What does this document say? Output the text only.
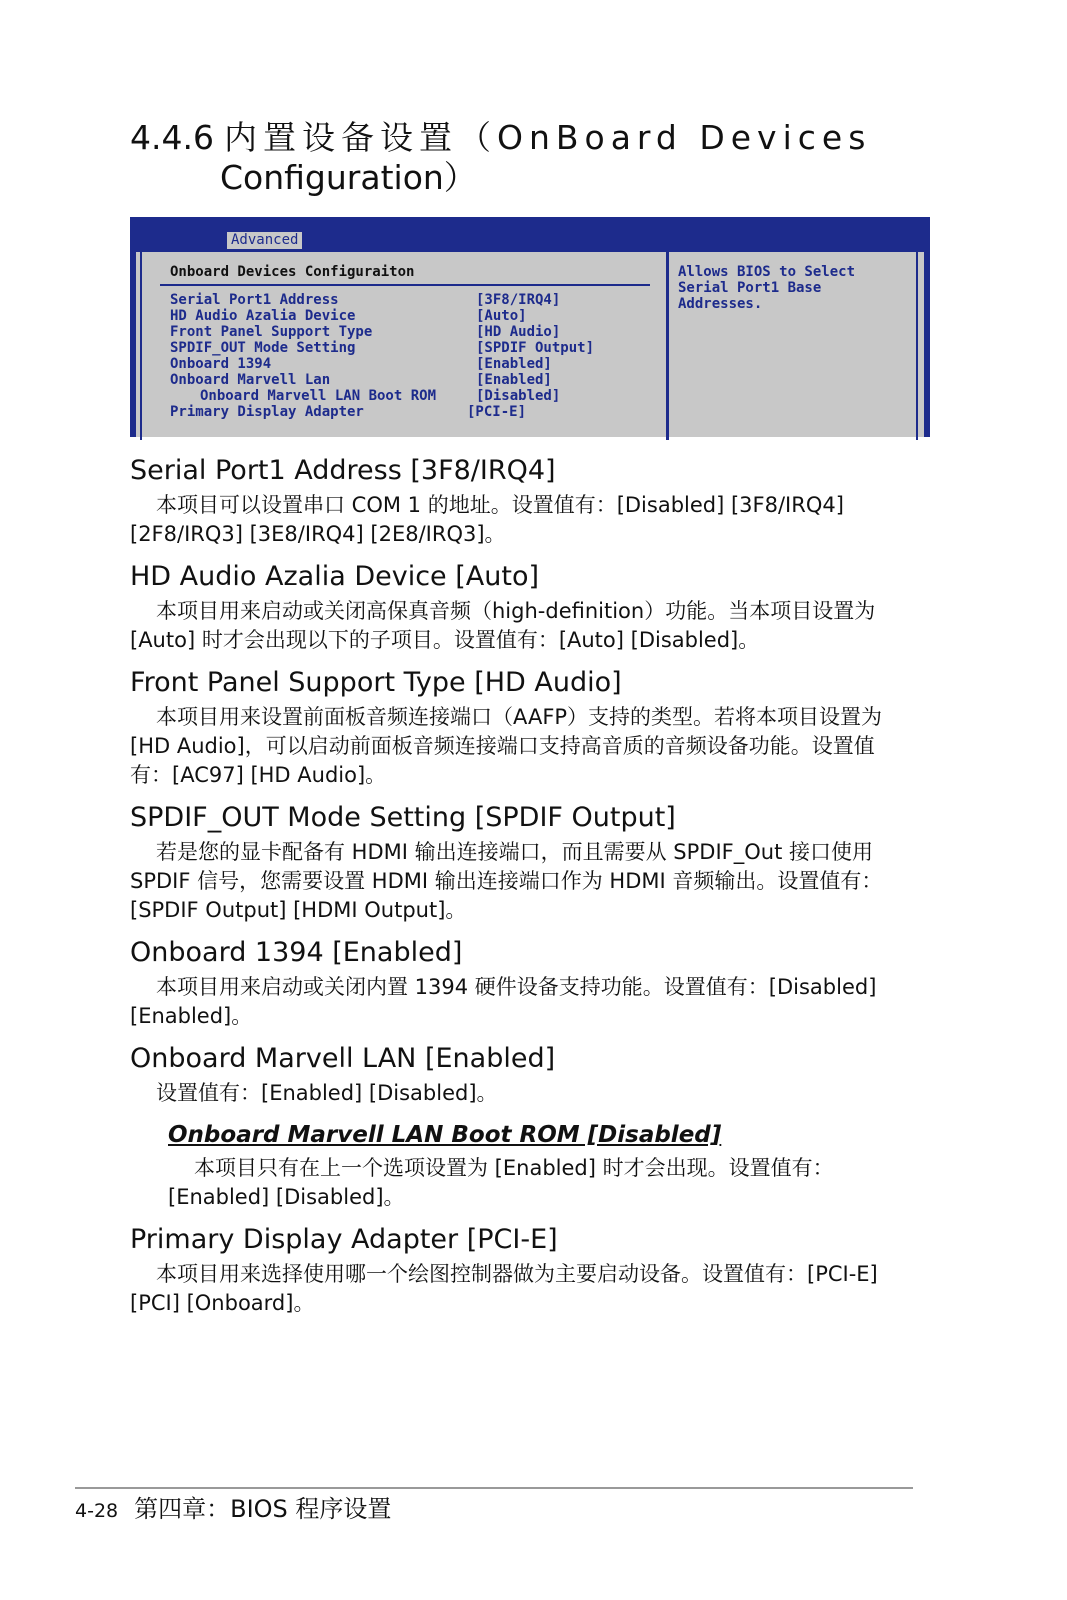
4.4.6 内置设备设置（OnBoard Devices
Configuration）
Advanced
Onboard Devices Configuraiton
Serial Port1 Address	[3F8/IRQ4]
HD Audio Azalia Device	[Auto]
Front Panel Support Type	[HD Audio]
SPDIF_OUT Mode Setting	[SPDIF Output]
Onboard 1394	[Enabled]
Onboard Marvell Lan	[Enabled]
Onboard Marvell LAN Boot ROM	[Disabled]
Primary Display Adapter	[PCI-E]
Allows BIOS to Select
Serial Port1 Base
Addresses.
Serial Port1 Address [3F8/IRQ4]

本项目可以设置串口 COM 1 的地址。设置值有：[Disabled] [3F8/IRQ4] [2F8/IRQ3] [3E8/IRQ4] [2E8/IRQ3]。

HD Audio Azalia Device [Auto]

本项目用来启动或关闭高保真音频（high-definition）功能。当本项目设置为 [Auto] 时才会出现以下的子项目。设置值有：[Auto] [Disabled]。

Front Panel Support Type [HD Audio]

本项目用来设置前面板音频连接端口（AAFP）支持的类型。若将本项目设置为 [HD Audio]，可以启动前面板音频连接端口支持高音质的音频设备功能。设置值有：[AC97] [HD Audio]。

SPDIF_OUT Mode Setting [SPDIF Output]

若是您的显卡配备有 HDMI 输出连接端口，而且需要从 SPDIF_Out 接口使用 SPDIF 信号，您需要设置 HDMI 输出连接端口作为 HDMI 音频输出。设置值有：[SPDIF Output] [HDMI Output]。

Onboard 1394 [Enabled]

本项目用来启动或关闭内置 1394 硬件设备支持功能。设置值有：[Disabled] [Enabled]。

Onboard Marvell LAN [Enabled]

设置值有：[Enabled] [Disabled]。

Onboard Marvell LAN Boot ROM [Disabled]

本项目只有在上一个选项设置为 [Enabled] 时才会出现。设置值有：[Enabled] [Disabled]。

Primary Display Adapter [PCI-E]

本项目用来选择使用哪一个绘图控制器做为主要启动设备。设置值有：[PCI-E] [PCI] [Onboard]。

4-28 第四章：BIOS 程序设置
